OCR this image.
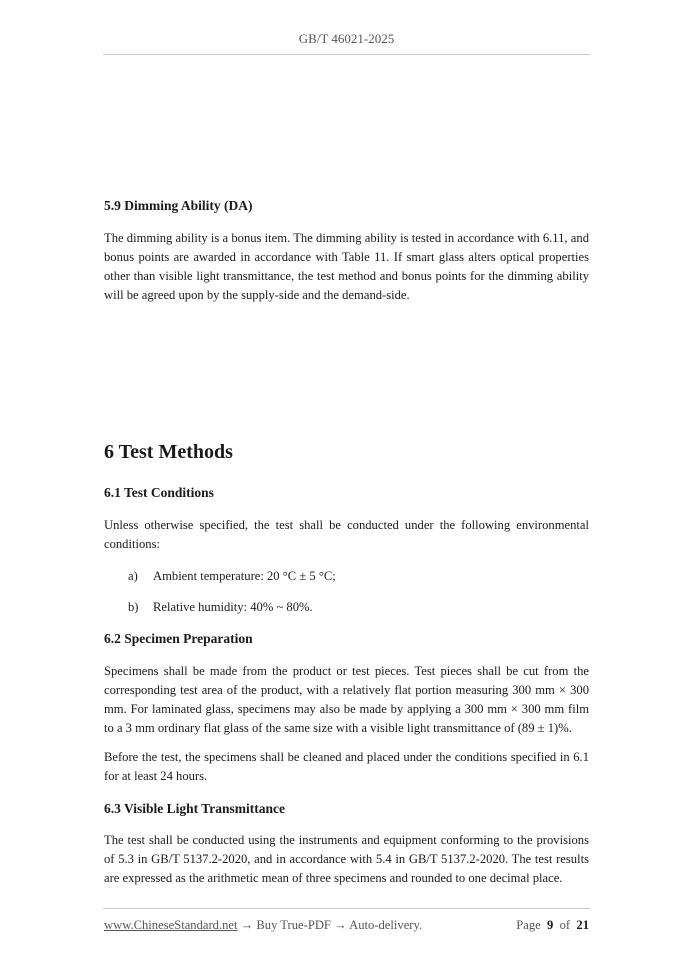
GB/T 46021-2025
5.9 Dimming Ability (DA)

The dimming ability is a bonus item. The dimming ability is tested in accordance with 6.11, and bonus points are awarded in accordance with Table 11. If smart glass alters optical properties other than visible light transmittance, the test method and bonus points for the dimming ability will be agreed upon by the supply-side and the demand-side.

6 Test Methods
6.1 Test Conditions

Unless otherwise specified, the test shall be conducted under the following environmental conditions:

a) Ambient temperature: 20 °C ± 5 °C;
b) Relative humidity: 40% ~ 80%.
6.2 Specimen Preparation

Specimens shall be made from the product or test pieces. Test pieces shall be cut from the corresponding test area of the product, with a relatively flat portion measuring 300 mm × 300 mm. For laminated glass, specimens may also be made by applying a 300 mm × 300 mm film to a 3 mm ordinary flat glass of the same size with a visible light transmittance of (89 ± 1)%.

Before the test, the specimens shall be cleaned and placed under the conditions specified in 6.1 for at least 24 hours.

6.3 Visible Light Transmittance

The test shall be conducted using the instruments and equipment conforming to the provisions of 5.3 in GB/T 5137.2-2020, and in accordance with 5.4 in GB/T 5137.2-2020. The test results are expressed as the arithmetic mean of three specimens and rounded to one decimal place.

www.ChineseStandard.net → Buy True-PDF → Auto-delivery.	Page 9 of 21
